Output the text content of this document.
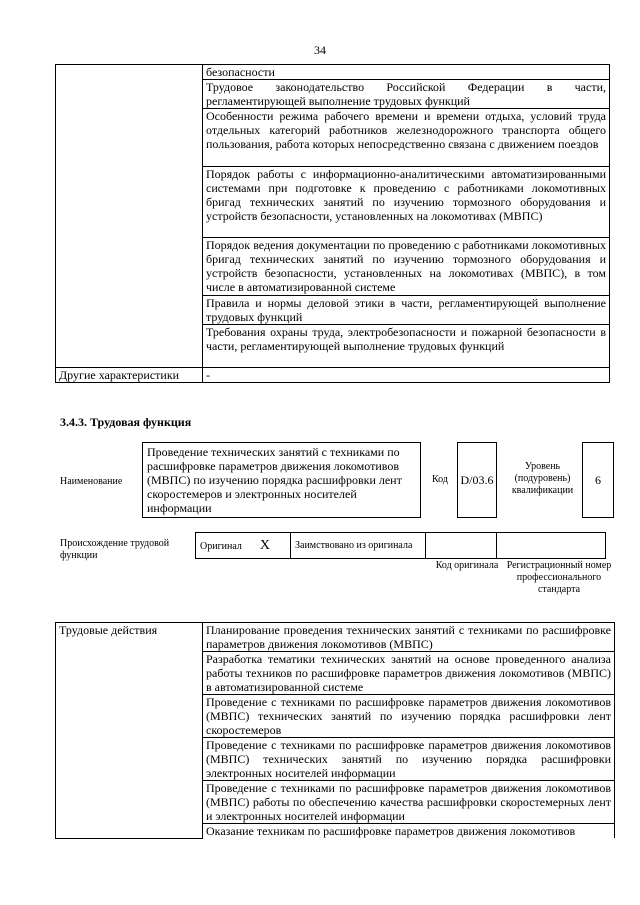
34
	безопасности
	Трудовое законодательство Российской Федерации в части, регламентирующей выполнение трудовых функций
	Особенности режима рабочего времени и времени отдыха, условий труда отдельных категорий работников железнодорожного транспорта общего пользования, работа которых непосредственно связана с движением поездов
	Порядок работы с информационно-аналитическими автоматизированными системами при подготовке к проведению с работниками локомотивных бригад технических занятий по изучению тормозного оборудования и устройств безопасности, установленных на локомотивах (МВПС)
	Порядок ведения документации по проведению с работниками локомотивных бригад технических занятий по изучению тормозного оборудования и устройств безопасности, установленных на локомотивах (МВПС), в том числе в автоматизированной системе
	Правила и нормы деловой этики в части, регламентирующей выполнение трудовых функций
	Требования охраны труда, электробезопасности и пожарной безопасности в части, регламентирующей выполнение трудовых функций
Другие характеристики	-
3.4.3. Трудовая функция
Наименование
Проведение технических занятий с техниками по расшифровке параметров движения локомотивов (МВПС) по изучению порядка расшифровки лент скоростемеров и электронных носителей информации
Код D/03.6
Уровень (подуровень) квалификации
6
Происхождение трудовой функции
Оригинал X	Заимствовано из оригинала		
Код оригинала Регистрационный номер профессионального стандарта
Трудовые действия	Планирование проведения технических занятий с техниками по расшифровке параметров движения локомотивов (МВПС)
Разработка тематики технических занятий на основе проведенного анализа работы техников по расшифровке параметров движения локомотивов (МВПС) в автоматизированной системе
Проведение с техниками по расшифровке параметров движения локомотивов (МВПС) технических занятий по изучению порядка расшифровки лент скоростемеров
Проведение с техниками по расшифровке параметров движения локомотивов (МВПС) технических занятий по изучению порядка расшифровки электронных носителей информации
Проведение с техниками по расшифровке параметров движения локомотивов (МВПС) работы по обеспечению качества расшифровки скоростемерных лент и электронных носителей информации
Оказание техникам по расшифровке параметров движения локомотивов
